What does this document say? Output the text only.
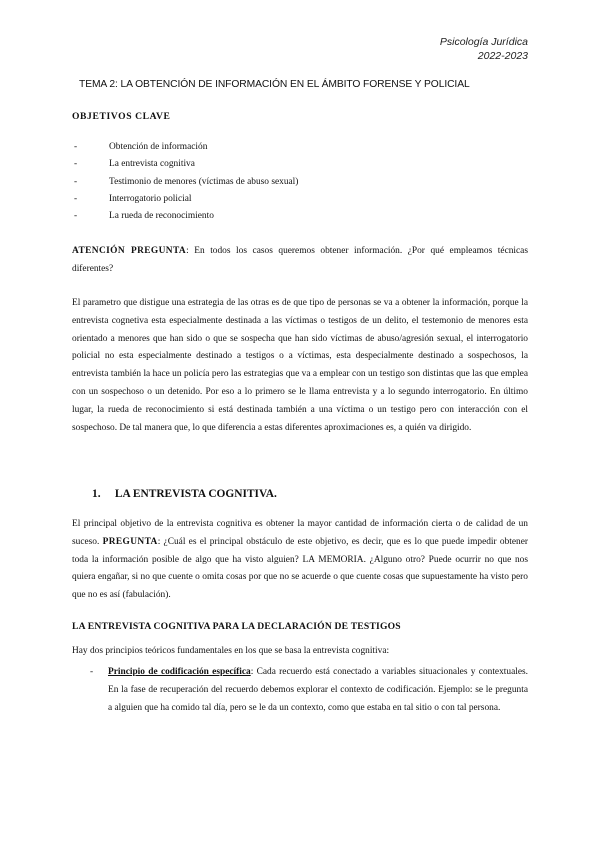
Psicología Jurídica
2022-2023
TEMA 2: LA OBTENCIÓN DE INFORMACIÓN EN EL ÁMBITO FORENSE Y POLICIAL
OBJETIVOS CLAVE
- Obtención de información
- La entrevista cognitiva
- Testimonio de menores (víctimas de abuso sexual)
- Interrogatorio policial
- La rueda de reconocimiento

ATENCIÓN PREGUNTA: En todos los casos queremos obtener información. ¿Por qué empleamos técnicas diferentes?

El parametro que distigue una estrategia de las otras es de que tipo de personas se va a obtener la información, porque la entrevista cognetiva esta especialmente destinada a las víctimas o testigos de un delito, el testemonio de menores esta orientado a menores que han sido o que se sospecha que han sido víctimas de abuso/agresión sexual, el interrogatorio policial no esta especialmente destinado a testigos o a víctimas, esta despecialmente destinado a sospechosos, la entrevista también la hace un policía pero las estrategias que va a emplear con un testigo son distintas que las que emplea con un sospechoso o un detenido. Por eso a lo primero se le llama entrevista y a lo segundo interrogatorio. En último lugar, la rueda de reconocimiento si está destinada también a una víctima o un testigo pero con interacción con el sospechoso. De tal manera que, lo que diferencia a estas diferentes aproximaciones es, a quién va dirigido.

1. LA ENTREVISTA COGNITIVA.

El principal objetivo de la entrevista cognitiva es obtener la mayor cantidad de información cierta o de calidad de un suceso. PREGUNTA: ¿Cuál es el principal obstáculo de este objetivo, es decir, que es lo que puede impedir obtener toda la información posible de algo que ha visto alguien? LA MEMORIA. ¿Alguno otro? Puede ocurrir no que nos quiera engañar, si no que cuente o omita cosas por que no se acuerde o que cuente cosas que supuestamente ha visto pero que no es así (fabulación).

LA ENTREVISTA COGNITIVA PARA LA DECLARACIÓN DE TESTIGOS

Hay dos principios teóricos fundamentales en los que se basa la entrevista cognitiva:

- Principio de codificación específica: Cada recuerdo está conectado a variables situacionales y contextuales. En la fase de recuperación del recuerdo debemos explorar el contexto de codificación. Ejemplo: se le pregunta a alguien que ha comido tal día, pero se le da un contexto, como que estaba en tal sitio o con tal persona.
